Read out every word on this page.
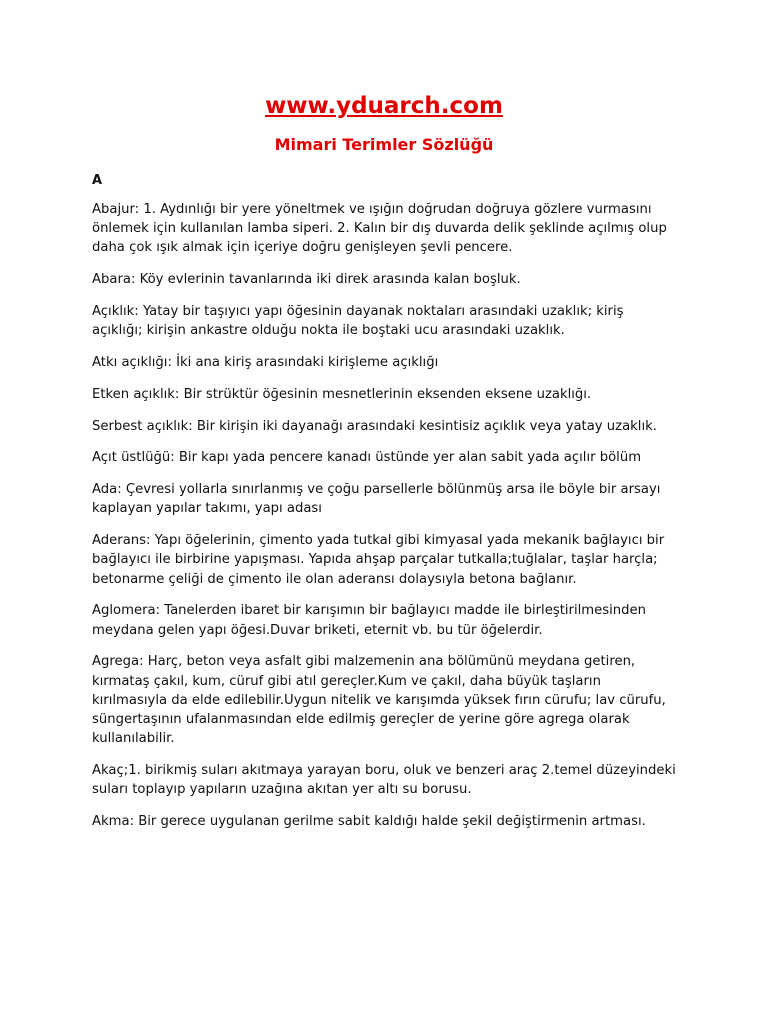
www.yduarch.com
Mimari Terimler Sözlüğü
A
Abajur: 1. Aydınlığı bir yere yöneltmek ve ışığın doğrudan doğruya gözlere vurmasını önlemek için kullanılan lamba siperi. 2. Kalın bir dış duvarda delik şeklinde açılmış olup daha çok ışık almak için içeriye doğru genişleyen şevli pencere.
Abara: Köy evlerinin tavanlarında iki direk arasında kalan boşluk.
Açıklık: Yatay bir taşıyıcı yapı öğesinin dayanak noktaları arasındaki uzaklık; kiriş açıklığı; kirişin ankastre olduğu nokta ile boştaki ucu arasındaki uzaklık.
Atkı açıklığı: İki ana kiriş arasındaki kirişleme açıklığı
Etken açıklık: Bir strüktür öğesinin mesnetlerinin eksenden eksene uzaklığı.
Serbest açıklık: Bir kirişin iki dayanağı arasındaki kesintisiz açıklık veya yatay uzaklık.
Açıt üstlüğü: Bir kapı yada pencere kanadı üstünde yer alan sabit yada açılır bölüm
Ada: Çevresi yollarla sınırlanmış ve çoğu parsellerle bölünmüş arsa ile böyle bir arsayı kaplayan yapılar takımı, yapı adası
Aderans: Yapı öğelerinin, çimento yada tutkal gibi kimyasal yada mekanik bağlayıcı bir bağlayıcı ile birbirine yapışması. Yapıda ahşap parçalar tutkalla;tuğlalar, taşlar harçla; betonarme çeliği de çimento ile olan aderansı dolaysıyla betona bağlanır.
Aglomera: Tanelerden ibaret bir karışımın bir bağlayıcı madde ile birleştirilmesinden meydana gelen yapı öğesi.Duvar briketi, eternit vb. bu tür öğelerdir.
Agrega: Harç, beton veya asfalt gibi malzemenin ana bölümünü meydana getiren, kırmataş çakıl, kum, cüruf gibi atıl gereçler.Kum ve çakıl, daha büyük taşların kırılmasıyla da elde edilebilir.Uygun nitelik ve karışımda yüksek fırın cürufu; lav cürufu, süngertaşının ufalanmasından elde edilmiş gereçler de yerine göre agrega olarak kullanılabilir.
Akaç;1. birikmiş suları akıtmaya yarayan boru, oluk ve benzeri araç 2.temel düzeyindeki suları toplayıp yapıların uzağına akıtan yer altı su borusu.
Akma: Bir gerece uygulanan gerilme sabit kaldığı halde şekil değiştirmenin artması.
